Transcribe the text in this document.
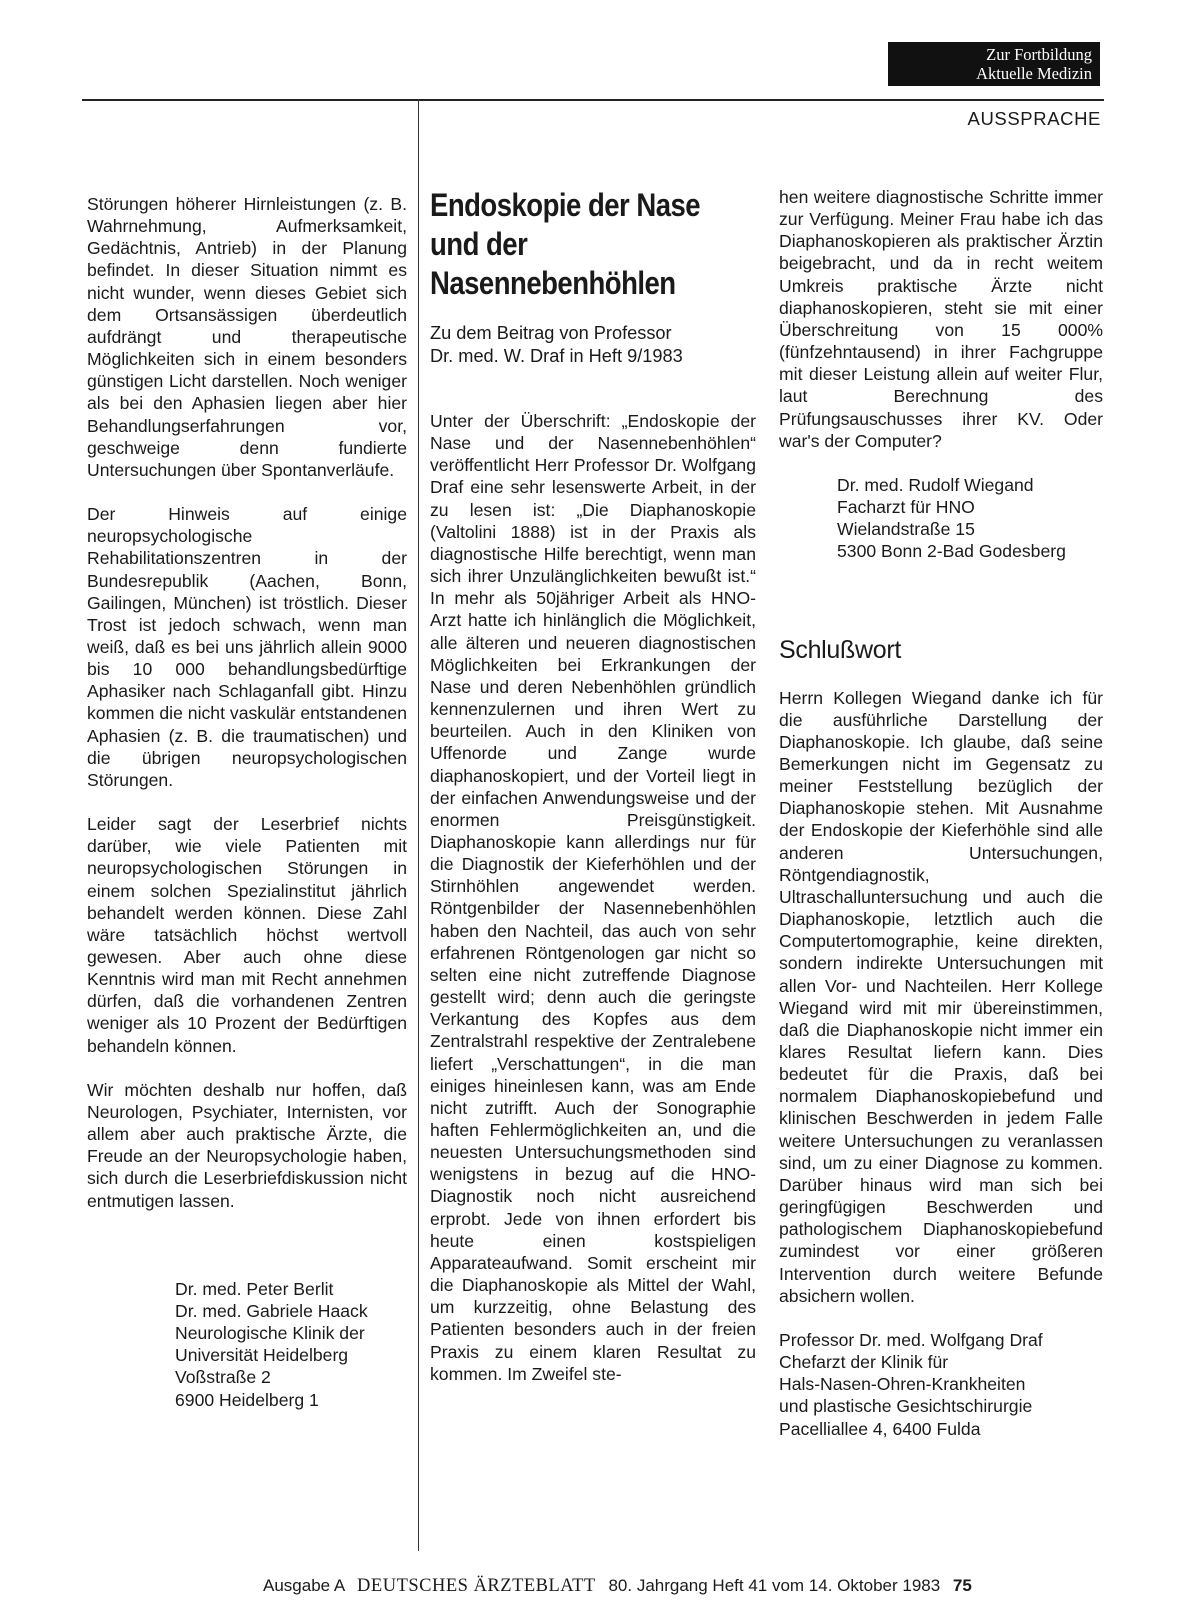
Zur Fortbildung
Aktuelle Medizin
AUSSPRACHE

Störungen höherer Hirnleistungen (z. B. Wahrnehmung, Aufmerksamkeit, Gedächtnis, Antrieb) in der Planung befindet. In dieser Situation nimmt es nicht wunder, wenn dieses Gebiet sich dem Ortsansässigen überdeutlich aufdrängt und therapeutische Möglichkeiten sich in einem besonders günstigen Licht darstellen. Noch weniger als bei den Aphasien liegen aber hier Behandlungserfahrungen vor, geschweige denn fundierte Untersuchungen über Spontanverläufe.

Der Hinweis auf einige neuropsychologische Rehabilitationszentren in der Bundesrepublik (Aachen, Bonn, Gailingen, München) ist tröstlich. Dieser Trost ist jedoch schwach, wenn man weiß, daß es bei uns jährlich allein 9000 bis 10 000 behandlungsbedürftige Aphasiker nach Schlaganfall gibt. Hinzu kommen die nicht vaskulär entstandenen Aphasien (z. B. die traumatischen) und die übrigen neuropsychologischen Störungen.

Leider sagt der Leserbrief nichts darüber, wie viele Patienten mit neuropsychologischen Störungen in einem solchen Spezialinstitut jährlich behandelt werden können. Diese Zahl wäre tatsächlich höchst wertvoll gewesen. Aber auch ohne diese Kenntnis wird man mit Recht annehmen dürfen, daß die vorhandenen Zentren weniger als 10 Prozent der Bedürftigen behandeln können.

Wir möchten deshalb nur hoffen, daß Neurologen, Psychiater, Internisten, vor allem aber auch praktische Ärzte, die Freude an der Neuropsychologie haben, sich durch die Leserbriefdiskussion nicht entmutigen lassen.

Dr. med. Peter Berlit

Dr. med. Gabriele Haack

Neurologische Klinik der

Universität Heidelberg

Voßstraße 2

6900 Heidelberg 1

Endoskopie der Nase
und der
Nasennebenhöhlen
Zu dem Beitrag von Professor
Dr. med. W. Draf in Heft 9/1983

Unter der Überschrift: „Endoskopie der Nase und der Nasennebenhöhlen“ veröffentlicht Herr Professor Dr. Wolfgang Draf eine sehr lesenswerte Arbeit, in der zu lesen ist: „Die Diaphanoskopie (Valtolini 1888) ist in der Praxis als diagnostische Hilfe berechtigt, wenn man sich ihrer Unzulänglichkeiten bewußt ist.“ In mehr als 50jähriger Arbeit als HNO-Arzt hatte ich hinlänglich die Möglichkeit, alle älteren und neueren diagnostischen Möglichkeiten bei Erkrankungen der Nase und deren Nebenhöhlen gründlich kennenzulernen und ihren Wert zu beurteilen. Auch in den Kliniken von Uffenorde und Zange wurde diaphanoskopiert, und der Vorteil liegt in der einfachen Anwendungsweise und der enormen Preisgünstigkeit. Diaphanoskopie kann allerdings nur für die Diagnostik der Kieferhöhlen und der Stirnhöhlen angewendet werden. Röntgenbilder der Nasennebenhöhlen haben den Nachteil, das auch von sehr erfahrenen Röntgenologen gar nicht so selten eine nicht zutreffende Diagnose gestellt wird; denn auch die geringste Verkantung des Kopfes aus dem Zentralstrahl respektive der Zentralebene liefert „Verschattungen“, in die man einiges hineinlesen kann, was am Ende nicht zutrifft. Auch der Sonographie haften Fehlermöglichkeiten an, und die neuesten Untersuchungsmethoden sind wenigstens in bezug auf die HNO-Diagnostik noch nicht ausreichend erprobt. Jede von ihnen erfordert bis heute einen kostspieligen Apparateaufwand. Somit erscheint mir die Diaphanoskopie als Mittel der Wahl, um kurzzeitig, ohne Belastung des Patienten besonders auch in der freien Praxis zu einem klaren Resultat zu kommen. Im Zweifel ste-

hen weitere diagnostische Schritte immer zur Verfügung. Meiner Frau habe ich das Diaphanoskopieren als praktischer Ärztin beigebracht, und da in recht weitem Umkreis praktische Ärzte nicht diaphanoskopieren, steht sie mit einer Überschreitung von 15 000% (fünfzehntausend) in ihrer Fachgruppe mit dieser Leistung allein auf weiter Flur, laut Berechnung des Prüfungsauschusses ihrer KV. Oder war's der Computer?

Dr. med. Rudolf Wiegand

Facharzt für HNO

Wielandstraße 15

5300 Bonn 2-Bad Godesberg

Schlußwort

Herrn Kollegen Wiegand danke ich für die ausführliche Darstellung der Diaphanoskopie. Ich glaube, daß seine Bemerkungen nicht im Gegensatz zu meiner Feststellung bezüglich der Diaphanoskopie stehen. Mit Ausnahme der Endoskopie der Kieferhöhle sind alle anderen Untersuchungen, Röntgendiagnostik, Ultraschalluntersuchung und auch die Diaphanoskopie, letztlich auch die Computertomographie, keine direkten, sondern indirekte Untersuchungen mit allen Vor- und Nachteilen. Herr Kollege Wiegand wird mit mir übereinstimmen, daß die Diaphanoskopie nicht immer ein klares Resultat liefern kann. Dies bedeutet für die Praxis, daß bei normalem Diaphanoskopiebefund und klinischen Beschwerden in jedem Falle weitere Untersuchungen zu veranlassen sind, um zu einer Diagnose zu kommen. Darüber hinaus wird man sich bei geringfügigen Beschwerden und pathologischem Diaphanoskopiebefund zumindest vor einer größeren Intervention durch weitere Befunde absichern wollen.

Professor Dr. med. Wolfgang Draf

Chefarzt der Klinik für

Hals-Nasen-Ohren-Krankheiten

und plastische Gesichtschirurgie

Pacelliallee 4, 6400 Fulda

Ausgabe A DEUTSCHES ÄRZTEBLATT 80. Jahrgang Heft 41 vom 14. Oktober 1983 75
